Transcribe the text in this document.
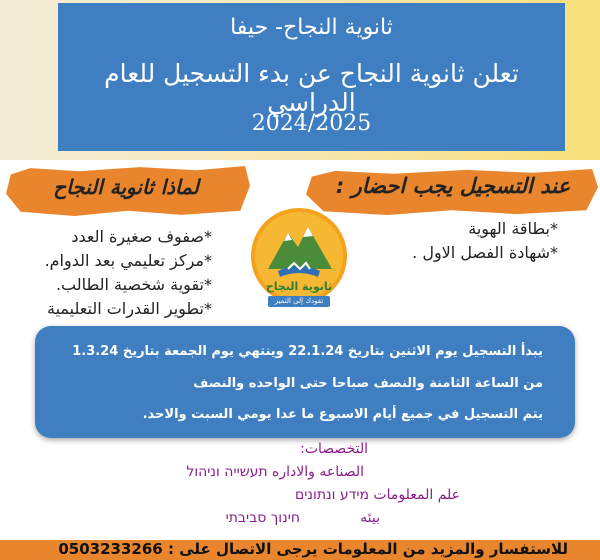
ثانوية النجاح- حيفا
تعلن ثانوية النجاح عن بدء التسجيل للعام الدراسي
2024/2025
لماذا ثانوية النجاح	عند التسجيل يجب احضار :
*صفوف صغيرة العدد
*مركز تعليمي بعد الدوام.
*تقوية شخصية الطالب.
*تطوير القدرات التعليمية
*بطاقة الهوية
*شهادة الفصل الاول .
ثانوية النجاح
تقودك إلى التميز
يبدأ التسجيل يوم الاثنين بتاريخ 22.1.24 وينتهي يوم الجمعة بتاريخ 1.3.24
من الساعة الثامنة والنصف صباحا حتى الواحده والنصف
يتم التسجيل في جميع أيام الاسبوع ما عدا يومي السبت والاحد.
التخصصات:
الصناعه والاداره תעשייה וניהול
علم المعلومات מידע ונתונים
بيئه
חינוך סביבתי
للاستفسار والمزيد من المعلومات يرجى الاتصال على : 0503233266
